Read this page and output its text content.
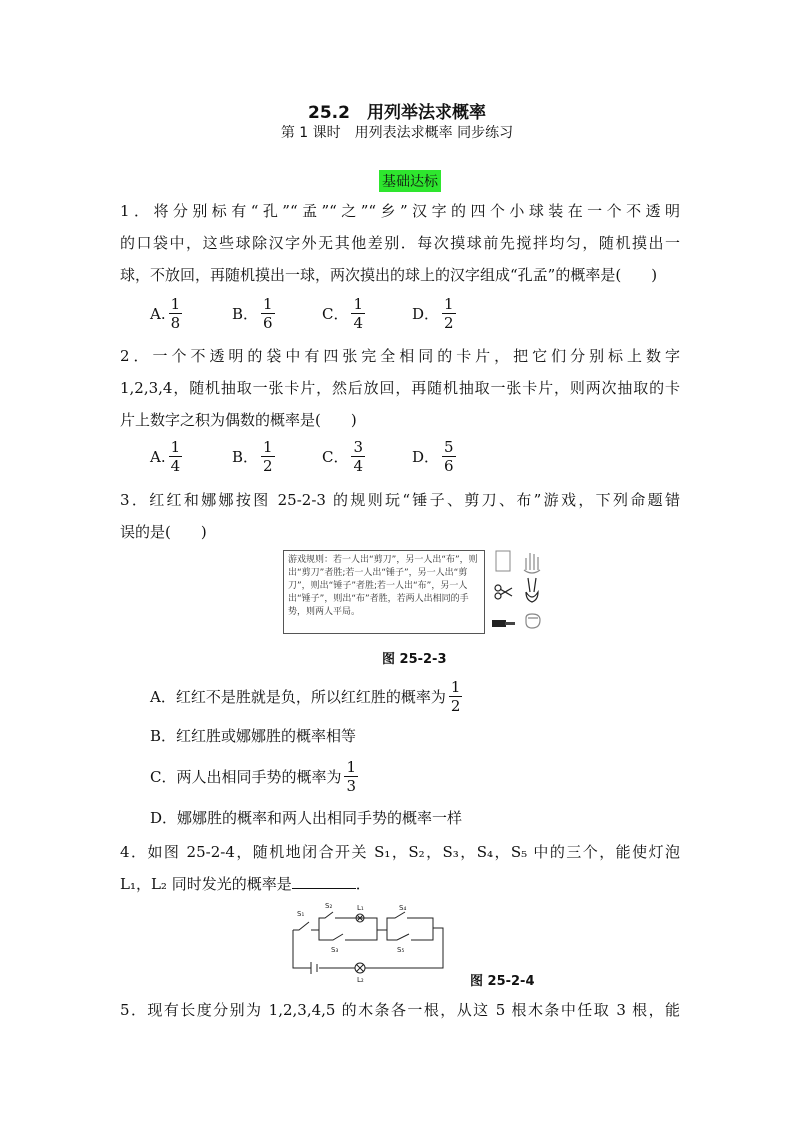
25.2　用列举法求概率
第 1 课时　用列表法求概率 同步练习
基础达标
1．将分别标有“孔”“孟”“之”“乡”汉字的四个小球装在一个不透明
的口袋中，这些球除汉字外无其他差别．每次摸球前先搅拌均匀，随机摸出一
球，不放回，再随机摸出一球，两次摸出的球上的汉字组成“孔孟”的概率是(　　)
A. $\frac{1}{8}$	B． $\frac{1}{6}$	C． $\frac{1}{4}$	D． $\frac{1}{2}$
2．一个不透明的袋中有四张完全相同的卡片，把它们分别标上数字
1,2,3,4，随机抽取一张卡片，然后放回，再随机抽取一张卡片，则两次抽取的卡
片上数字之积为偶数的概率是(　　)
A. $\frac{1}{4}$	B． $\frac{1}{2}$	C． $\frac{3}{4}$	D． $\frac{5}{6}$
3．红红和娜娜按图 25-2-3 的规则玩“锤子、剪刀、布”游戏，下列命题错
误的是(　　)
游戏规则：若一人出“剪刀”，另一人出“布”，则出“剪刀”者胜;若一人出“锤子”，另一人出“剪刀”，则出“锤子”者胜;若一人出“布”，另一人出“锤子”，则出“布”者胜，若两人出相同的手势，则两人平局。
图 25-2-3
A．红红不是胜就是负，所以红红胜的概率为 $\frac{1}{2}$
B．红红胜或娜娜胜的概率相等
C．两人出相同手势的概率为 $\frac{1}{3}$
D．娜娜胜的概率和两人出相同手势的概率一样
4．如图 25-2-4，随机地闭合开关 S₁，S₂，S₃，S₄，S₅ 中的三个，能使灯泡
L₁，L₂ 同时发光的概率是	．
S₁
S₂	L₁
S₃
S₄
S₅
L₂	图 25-2-4
5．现有长度分别为 1,2,3,4,5 的木条各一根，从这 5 根木条中任取 3 根，能
